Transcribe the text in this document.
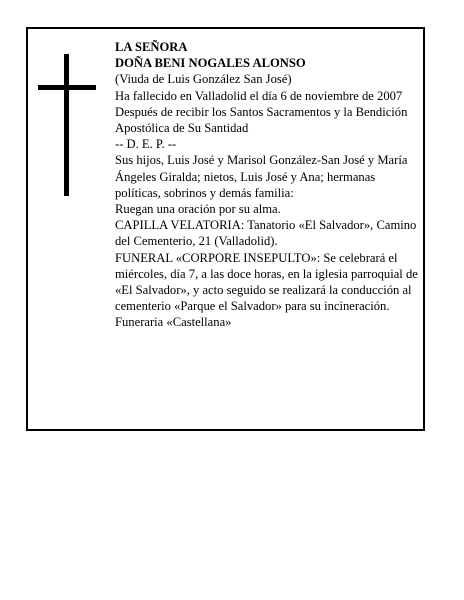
LA SEÑORA

DOÑA BENI NOGALES ALONSO

(Viuda de Luis González San José)

Ha fallecido en Valladolid el día 6 de noviembre de 2007

Después de recibir los Santos Sacramentos y la Bendición Apostólica de Su Santidad

-- D. E. P. --

Sus hijos, Luis José y Marisol González-San José y María Ángeles Giralda; nietos, Luis José y Ana; hermanas políticas, sobrinos y demás familia:

Ruegan una oración por su alma.

CAPILLA VELATORIA: Tanatorio «El Salvador», Camino del Cementerio, 21 (Valladolid).

FUNERAL «CORPORE INSEPULTO»: Se celebrará el miércoles, día 7, a las doce horas, en la iglesia parroquial de «El Salvador», y acto seguido se realizará la conducción al cementerio «Parque el Salvador» para su incineración.

Funeraria «Castellana»
